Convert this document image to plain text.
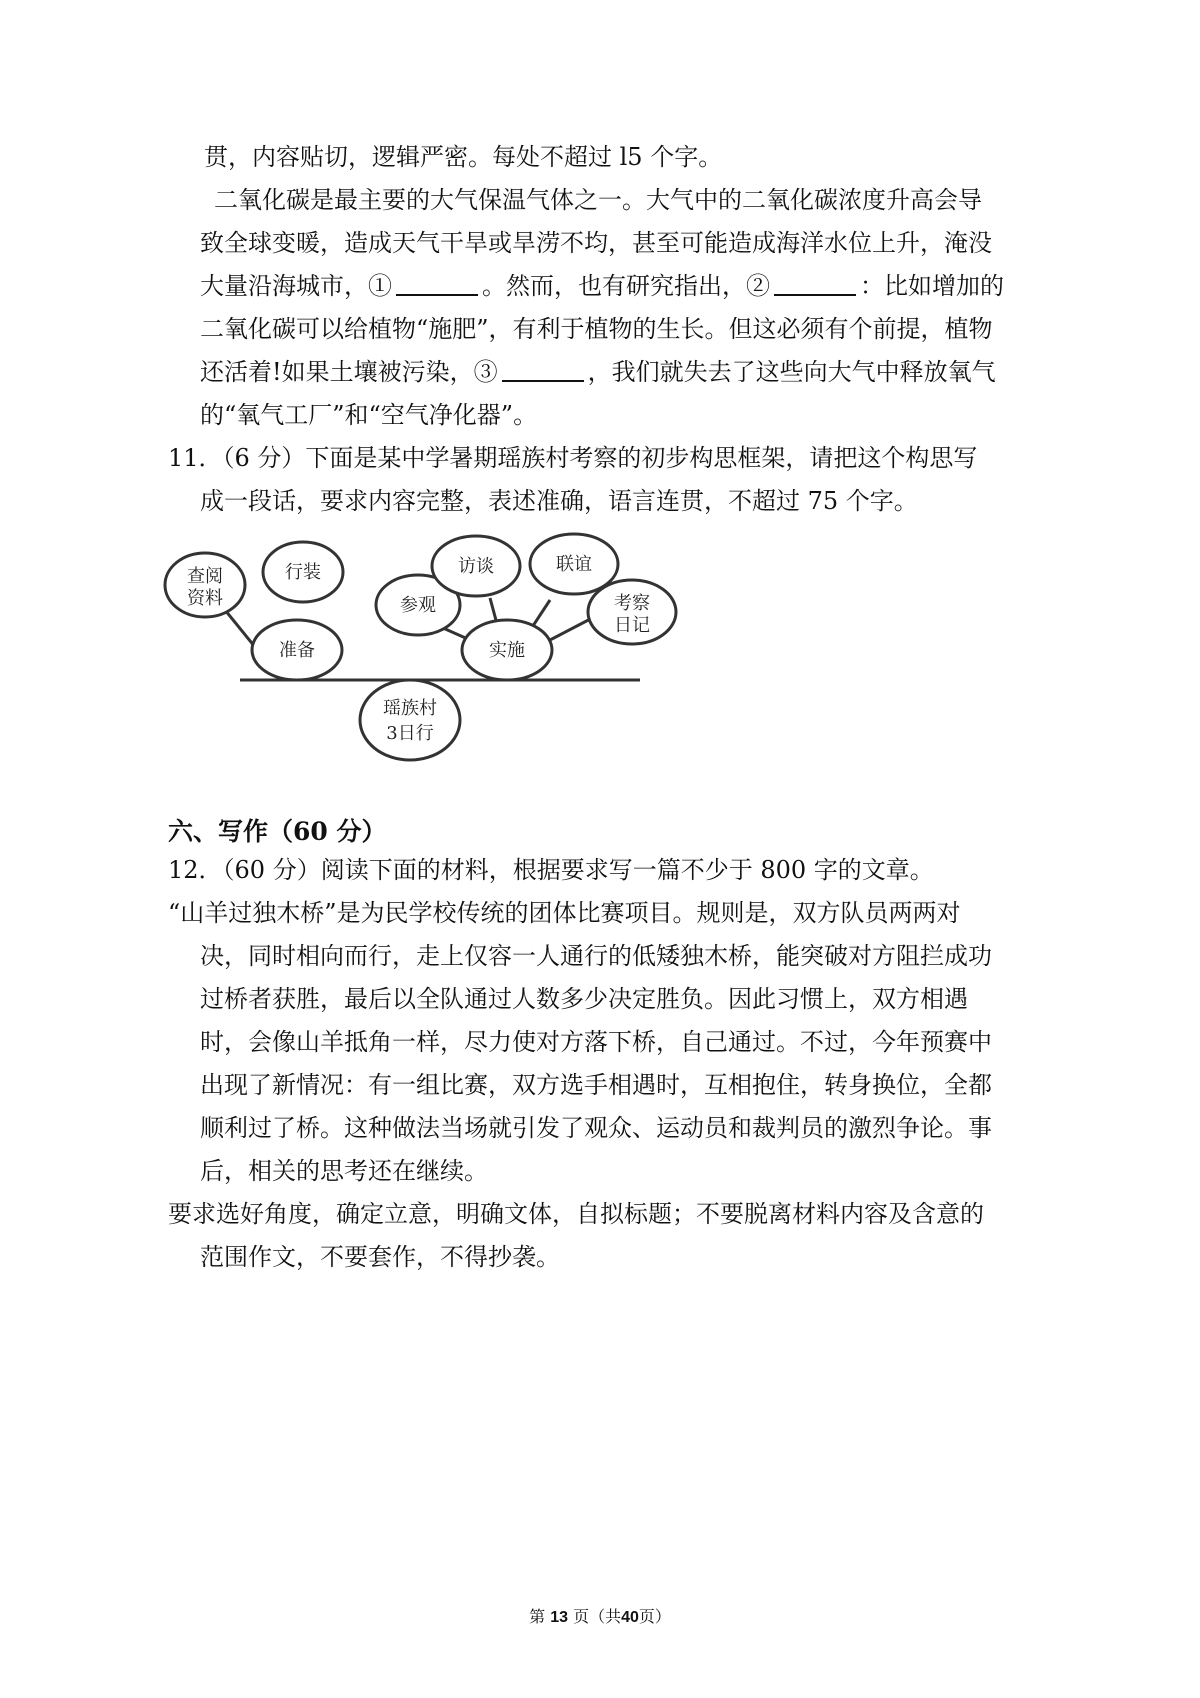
贯，内容贴切，逻辑严密。每处不超过 l5 个字。
二氧化碳是最主要的大气保温气体之一。大气中的二氧化碳浓度升高会导
致全球变暖，造成天气干旱或旱涝不均，甚至可能造成海洋水位上升，淹没
大量沿海城市，①	。然而，也有研究指出，②	：比如增加的
二氧化碳可以给植物“施肥”，有利于植物的生长。但这必须有个前提，植物
还活着!如果土壤被污染，③	，我们就失去了这些向大气中释放氧气
的“氧气工厂”和“空气净化器”。
11．（6 分）下面是某中学暑期瑶族村考察的初步构思框架，请把这个构思写
成一段话，要求内容完整，表述准确，语言连贯，不超过 75 个字。
瑶族村
3日行
准备	实施
查阅
资料
行装
参观
访谈	联谊
考察
日记
六、写作（60 分）
12．（60 分）阅读下面的材料，根据要求写一篇不少于 800 字的文章。
“山羊过独木桥”是为民学校传统的团体比赛项目。规则是，双方队员两两对
决，同时相向而行，走上仅容一人通行的低矮独木桥，能突破对方阻拦成功
过桥者获胜，最后以全队通过人数多少决定胜负。因此习惯上，双方相遇
时，会像山羊抵角一样，尽力使对方落下桥，自己通过。不过，今年预赛中
出现了新情况：有一组比赛，双方选手相遇时，互相抱住，转身换位，全都
顺利过了桥。这种做法当场就引发了观众、运动员和裁判员的激烈争论。事
后，相关的思考还在继续。
要求选好角度，确定立意，明确文体，自拟标题；不要脱离材料内容及含意的
范围作文，不要套作，不得抄袭。
第 13 页（共40页）
